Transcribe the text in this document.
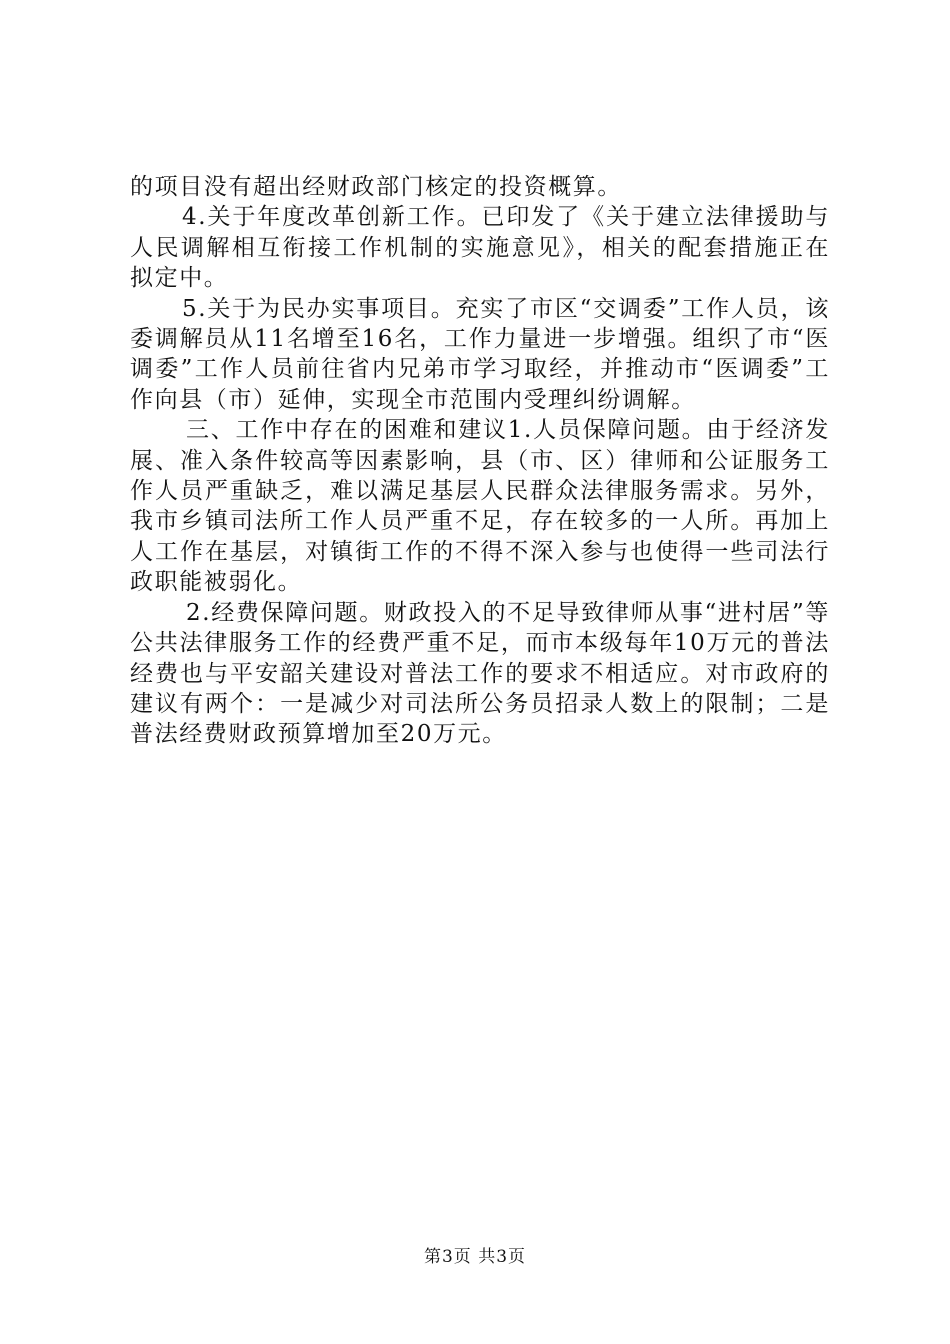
的项目没有超出经财政部门核定的投资概算。

4.关于年度改革创新工作。已印发了《关于建立法律援助与人民调解相互衔接工作机制的实施意见》，相关的配套措施正在拟定中。

5.关于为民办实事项目。充实了市区“交调委”工作人员，该委调解员从11名增至16名，工作力量进一步增强。组织了市“医调委”工作人员前往省内兄弟市学习取经，并推动市“医调委”工作向县（市）延伸，实现全市范围内受理纠纷调解。

三、工作中存在的困难和建议1.人员保障问题。由于经济发展、准入条件较高等因素影响，县（市、区）律师和公证服务工作人员严重缺乏，难以满足基层人民群众法律服务需求。另外，我市乡镇司法所工作人员严重不足，存在较多的一人所。再加上人工作在基层，对镇街工作的不得不深入参与也使得一些司法行政职能被弱化。

2.经费保障问题。财政投入的不足导致律师从事“进村居”等公共法律服务工作的经费严重不足，而市本级每年10万元的普法经费也与平安韶关建设对普法工作的要求不相适应。对市政府的建议有两个：一是减少对司法所公务员招录人数上的限制；二是普法经费财政预算增加至20万元。

第3页 共3页
